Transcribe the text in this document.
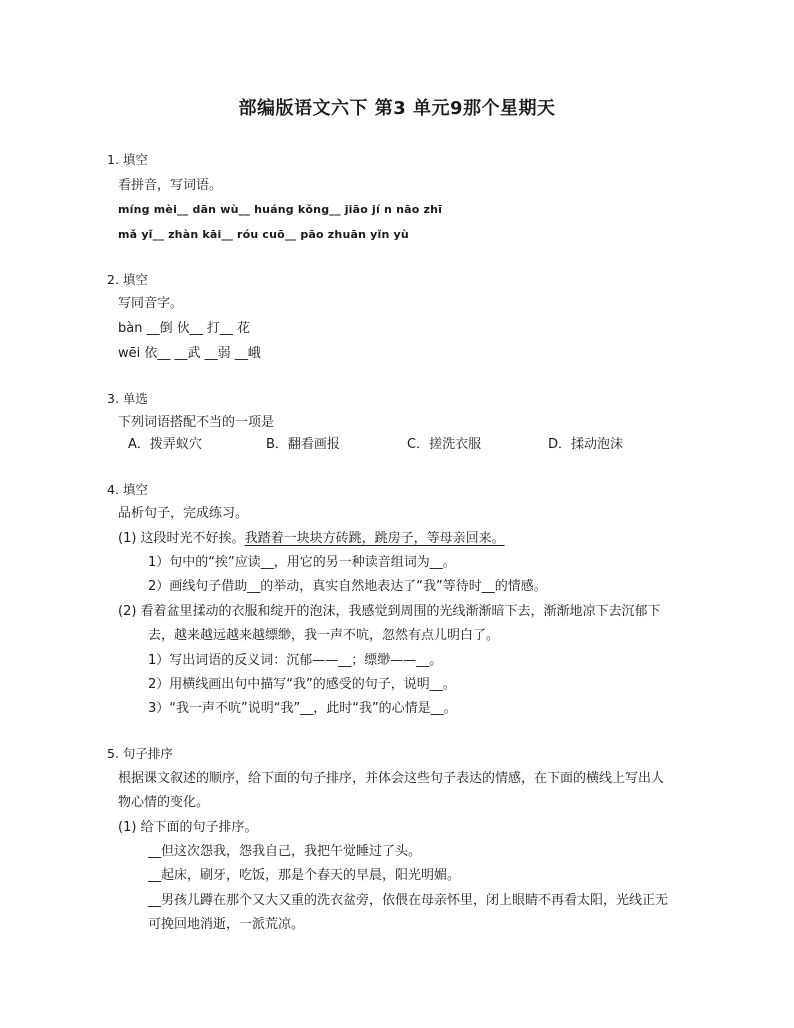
部编版语文六下 第3 单元9那个星期天
1. 填空
看拼音，写词语。
míng mèi__ dān wù__ huáng kǒng__ jiāo jí n nāo zhī
mǎ yǐ__ zhàn kāi__ róu cuō__ pāo zhuān yǐn yù
2. 填空
写同音字。
bàn __倒 伙__ 打__ 花
wēi 依__ __武 __弱 __峨
3. 单选
下列词语搭配不当的一项是
A．拨弄蚁穴	B．翻看画报	C．搓洗衣服	D．揉动泡沫
4. 填空
品析句子，完成练习。
(1) 这段时光不好挨。我踏着一块块方砖跳，跳房子，等母亲回来。
1）句中的“挨”应读__，用它的另一种读音组词为__。
2）画线句子借助__的举动，真实自然地表达了“我”等待时__的情感。
(2) 看着盆里揉动的衣服和绽开的泡沫，我感觉到周围的光线渐渐暗下去，渐渐地凉下去沉郁下
去，越来越远越来越缥缈，我一声不吭，忽然有点儿明白了。
1）写出词语的反义词：沉郁——__；缥缈——__。
2）用横线画出句中描写“我”的感受的句子，说明__。
3）“我一声不吭”说明“我”__，此时“我”的心情是__。
5. 句子排序
根据课文叙述的顺序，给下面的句子排序，并体会这些句子表达的情感，在下面的横线上写出人
物心情的变化。
(1) 给下面的句子排序。
__但这次怨我，怨我自己，我把午觉睡过了头。
__起床，刷牙，吃饭，那是个春天的早晨，阳光明媚。
__男孩儿蹲在那个又大又重的洗衣盆旁，依偎在母亲怀里，闭上眼睛不再看太阳，光线正无
可挽回地消逝，一派荒凉。
